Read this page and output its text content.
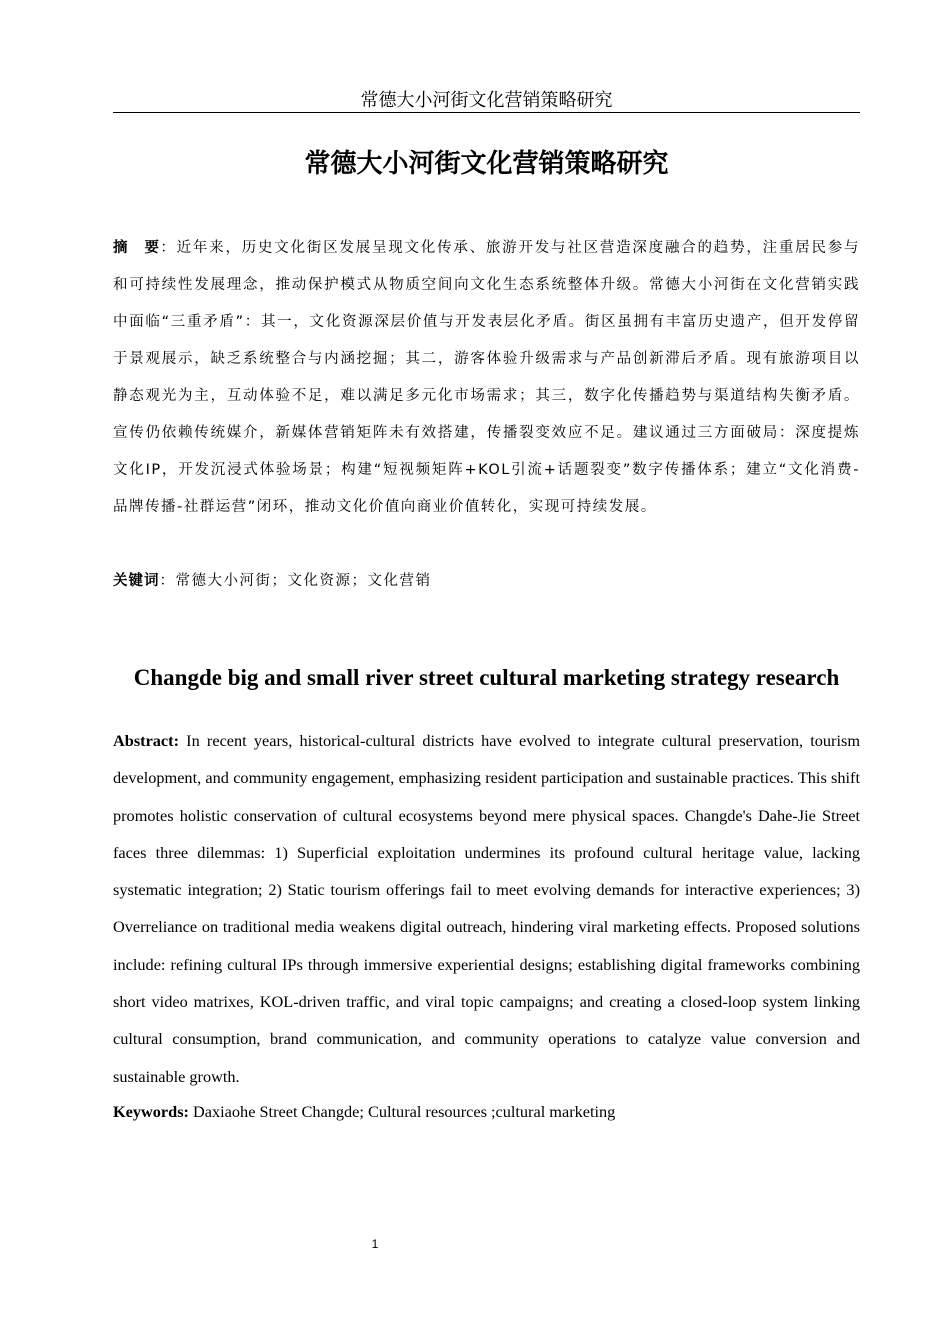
常德大小河街文化营销策略研究
常德大小河街文化营销策略研究
摘　要：近年来，历史文化街区发展呈现文化传承、旅游开发与社区营造深度融合的趋势，注重居民参与和可持续性发展理念，推动保护模式从物质空间向文化生态系统整体升级。常德大小河街在文化营销实践中面临“三重矛盾”：其一，文化资源深层价值与开发表层化矛盾。街区虽拥有丰富历史遗产，但开发停留于景观展示，缺乏系统整合与内涵挖掘；其二，游客体验升级需求与产品创新滞后矛盾。现有旅游项目以静态观光为主，互动体验不足，难以满足多元化市场需求；其三，数字化传播趋势与渠道结构失衡矛盾。宣传仍依赖传统媒介，新媒体营销矩阵未有效搭建，传播裂变效应不足。建议通过三方面破局：深度提炼文化IP，开发沉浸式体验场景；构建“短视频矩阵+KOL引流+话题裂变”数字传播体系；建立“文化消费-品牌传播-社群运营”闭环，推动文化价值向商业价值转化，实现可持续发展。
关键词：常德大小河街；文化资源；文化营销
Changde big and small river street cultural marketing strategy research
Abstract: In recent years, historical-cultural districts have evolved to integrate cultural preservation, tourism development, and community engagement, emphasizing resident participation and sustainable practices. This shift promotes holistic conservation of cultural ecosystems beyond mere physical spaces. Changde's Dahe-Jie Street faces three dilemmas: 1) Superficial exploitation undermines its profound cultural heritage value, lacking systematic integration; 2) Static tourism offerings fail to meet evolving demands for interactive experiences; 3) Overreliance on traditional media weakens digital outreach, hindering viral marketing effects. Proposed solutions include: refining cultural IPs through immersive experiential designs; establishing digital frameworks combining short video matrixes, KOL-driven traffic, and viral topic campaigns; and creating a closed-loop system linking cultural consumption, brand communication, and community operations to catalyze value conversion and sustainable growth.
Keywords: Daxiaohe Street Changde; Cultural resources ;cultural marketing
1
